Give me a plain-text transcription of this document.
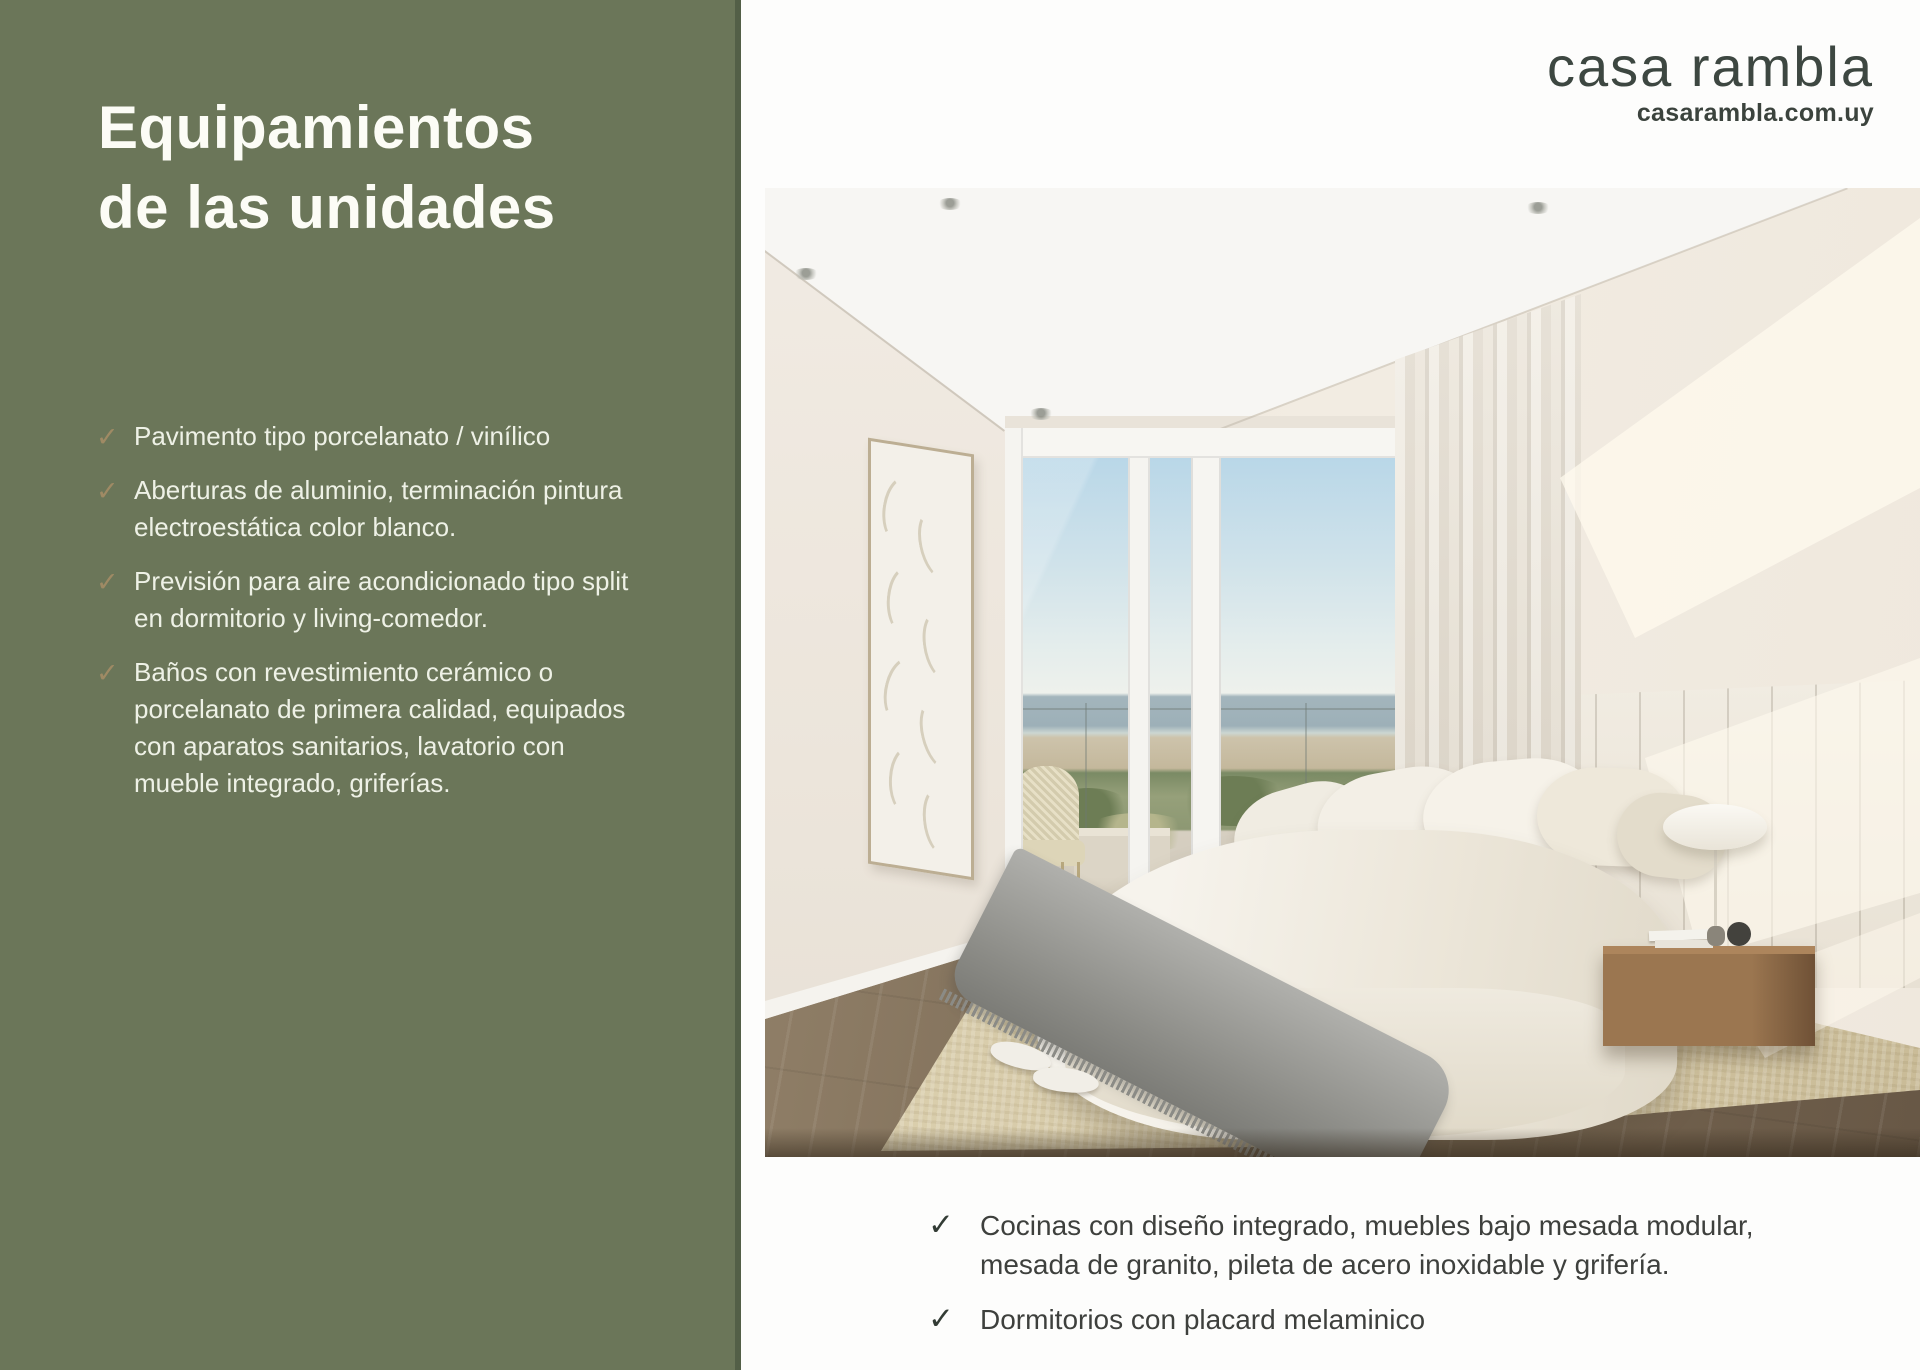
Equipamientos
de las unidades
✓ Pavimento tipo porcelanato / vinílico
✓ Aberturas de aluminio, terminación pintura electroestática color blanco.
✓ Previsión para aire acondicionado tipo split en dormitorio y living-comedor.
✓ Baños con revestimiento cerámico o porcelanato de primera calidad, equipados con aparatos sanitarios, lavatorio con mueble integrado, griferías.
casa rambla
casarambla.com.uy
✓ Cocinas con diseño integrado, muebles bajo mesada modular, mesada de granito, pileta de acero inoxidable y grifería.
✓ Dormitorios con placard melaminico
